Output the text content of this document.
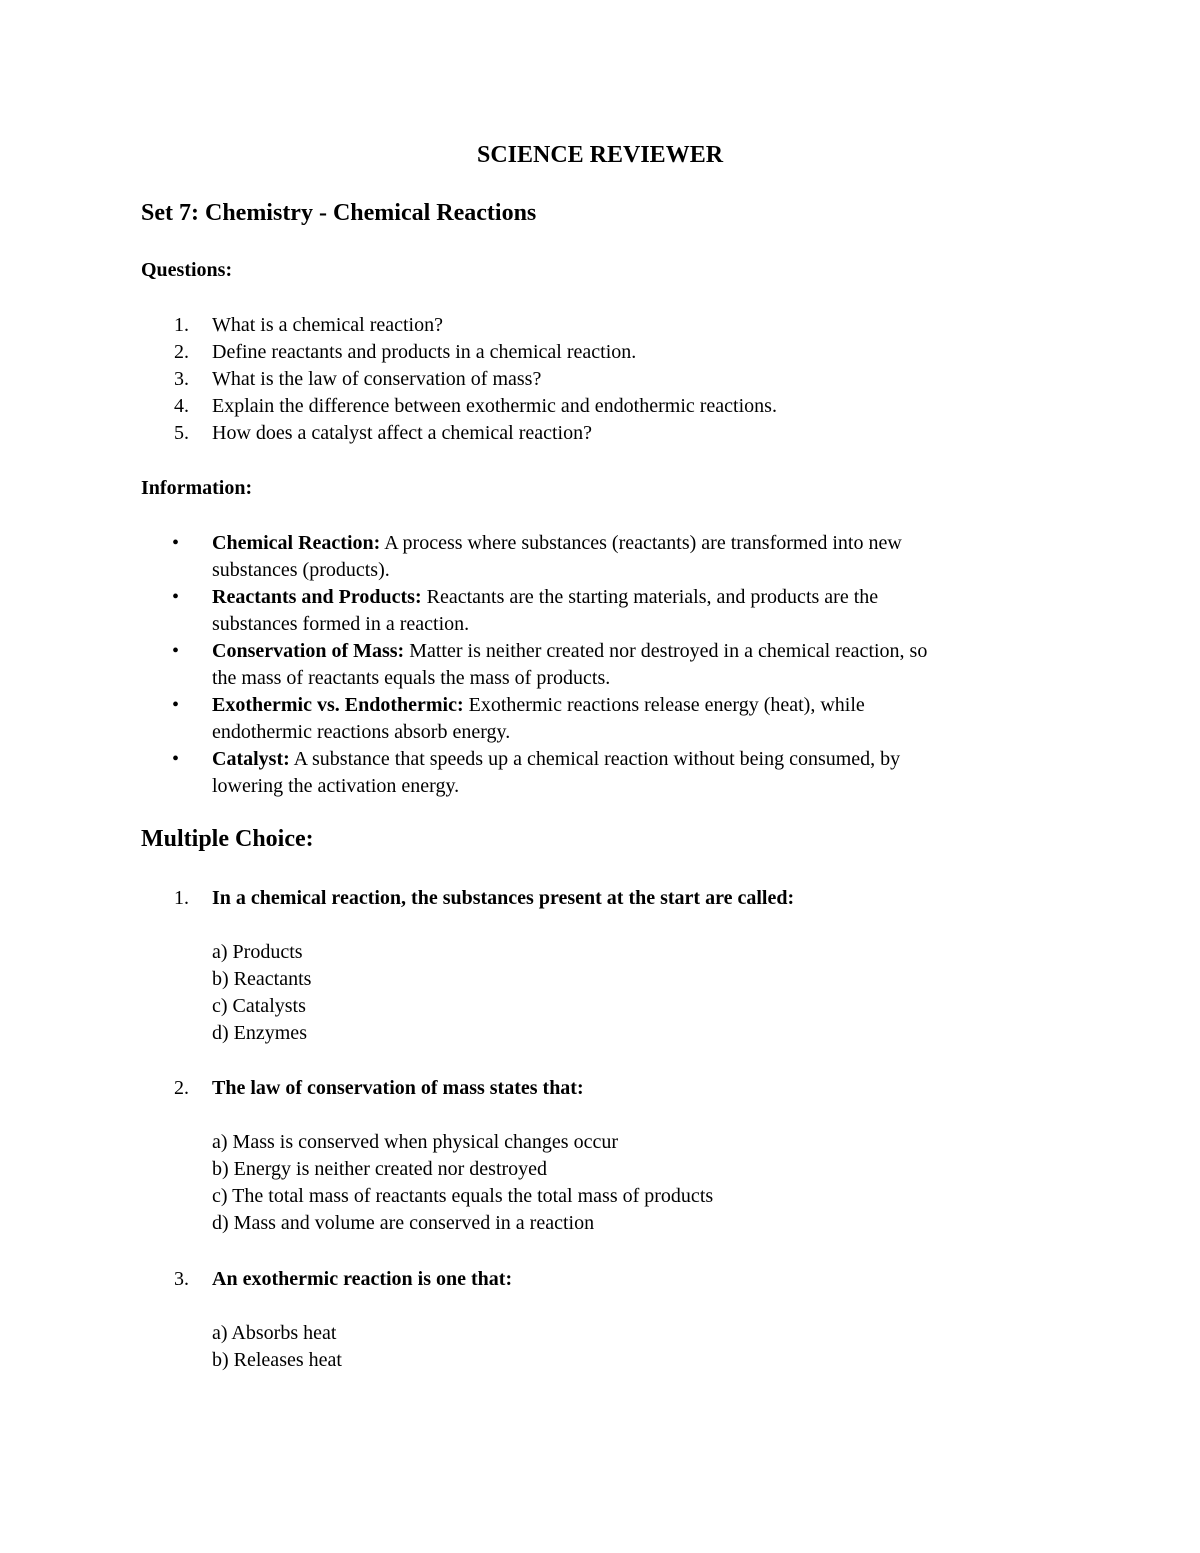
SCIENCE REVIEWER
Set 7: Chemistry - Chemical Reactions
Questions:
1. What is a chemical reaction?
2. Define reactants and products in a chemical reaction.
3. What is the law of conservation of mass?
4. Explain the difference between exothermic and endothermic reactions.
5. How does a catalyst affect a chemical reaction?
Information:
• Chemical Reaction: A process where substances (reactants) are transformed into new
substances (products).
• Reactants and Products: Reactants are the starting materials, and products are the
substances formed in a reaction.
• Conservation of Mass: Matter is neither created nor destroyed in a chemical reaction, so
the mass of reactants equals the mass of products.
• Exothermic vs. Endothermic: Exothermic reactions release energy (heat), while
endothermic reactions absorb energy.
• Catalyst: A substance that speeds up a chemical reaction without being consumed, by
lowering the activation energy.
Multiple Choice:
1. In a chemical reaction, the substances present at the start are called:
a) Products
b) Reactants
c) Catalysts
d) Enzymes
2. The law of conservation of mass states that:
a) Mass is conserved when physical changes occur
b) Energy is neither created nor destroyed
c) The total mass of reactants equals the total mass of products
d) Mass and volume are conserved in a reaction
3. An exothermic reaction is one that:
a) Absorbs heat
b) Releases heat
